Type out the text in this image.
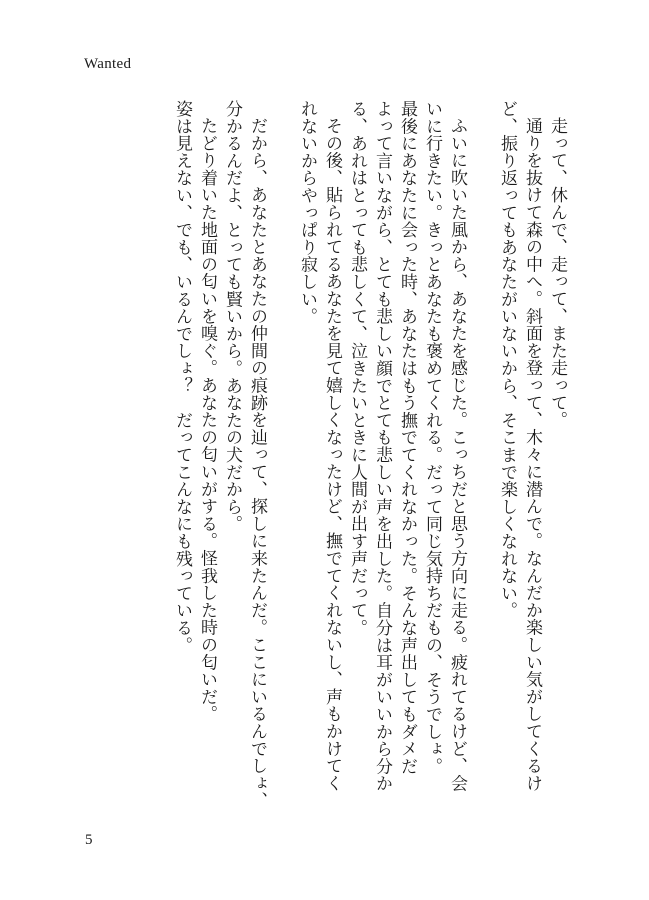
Wanted
走って、休んで、走って、また走って。
通りを抜けて森の中へ。斜面を登って、木々に潜んで。なんだか楽しい気がしてくるけ
ど、振り返ってもあなたがいないから、そこまで楽しくなれない。
ふいに吹いた風から、あなたを感じた。こっちだと思う方向に走る。疲れてるけど、会
いに行きたい。きっとあなたも褒めてくれる。だって同じ気持ちだもの、そうでしょ。
最後にあなたに会った時、あなたはもう撫でてくれなかった。そんな声出してもダメだ
よって言いながら、とても悲しい顔でとても悲しい声を出した。自分は耳がいいから分か
る、あれはとっても悲しくて、泣きたいときに人間が出す声だって。
その後、貼られてるあなたを見て嬉しくなったけど、撫でてくれないし、声もかけてく
れないからやっぱり寂しい。
だから、あなたとあなたの仲間の痕跡を辿って、探しに来たんだ。ここにいるんでしょ、
分かるんだよ、とっても賢いから。あなたの犬だから。
たどり着いた地面の匂いを嗅ぐ。あなたの匂いがする。怪我した時の匂いだ。
姿は見えない、でも、いるんでしょ？　だってこんなにも残っている。
5
